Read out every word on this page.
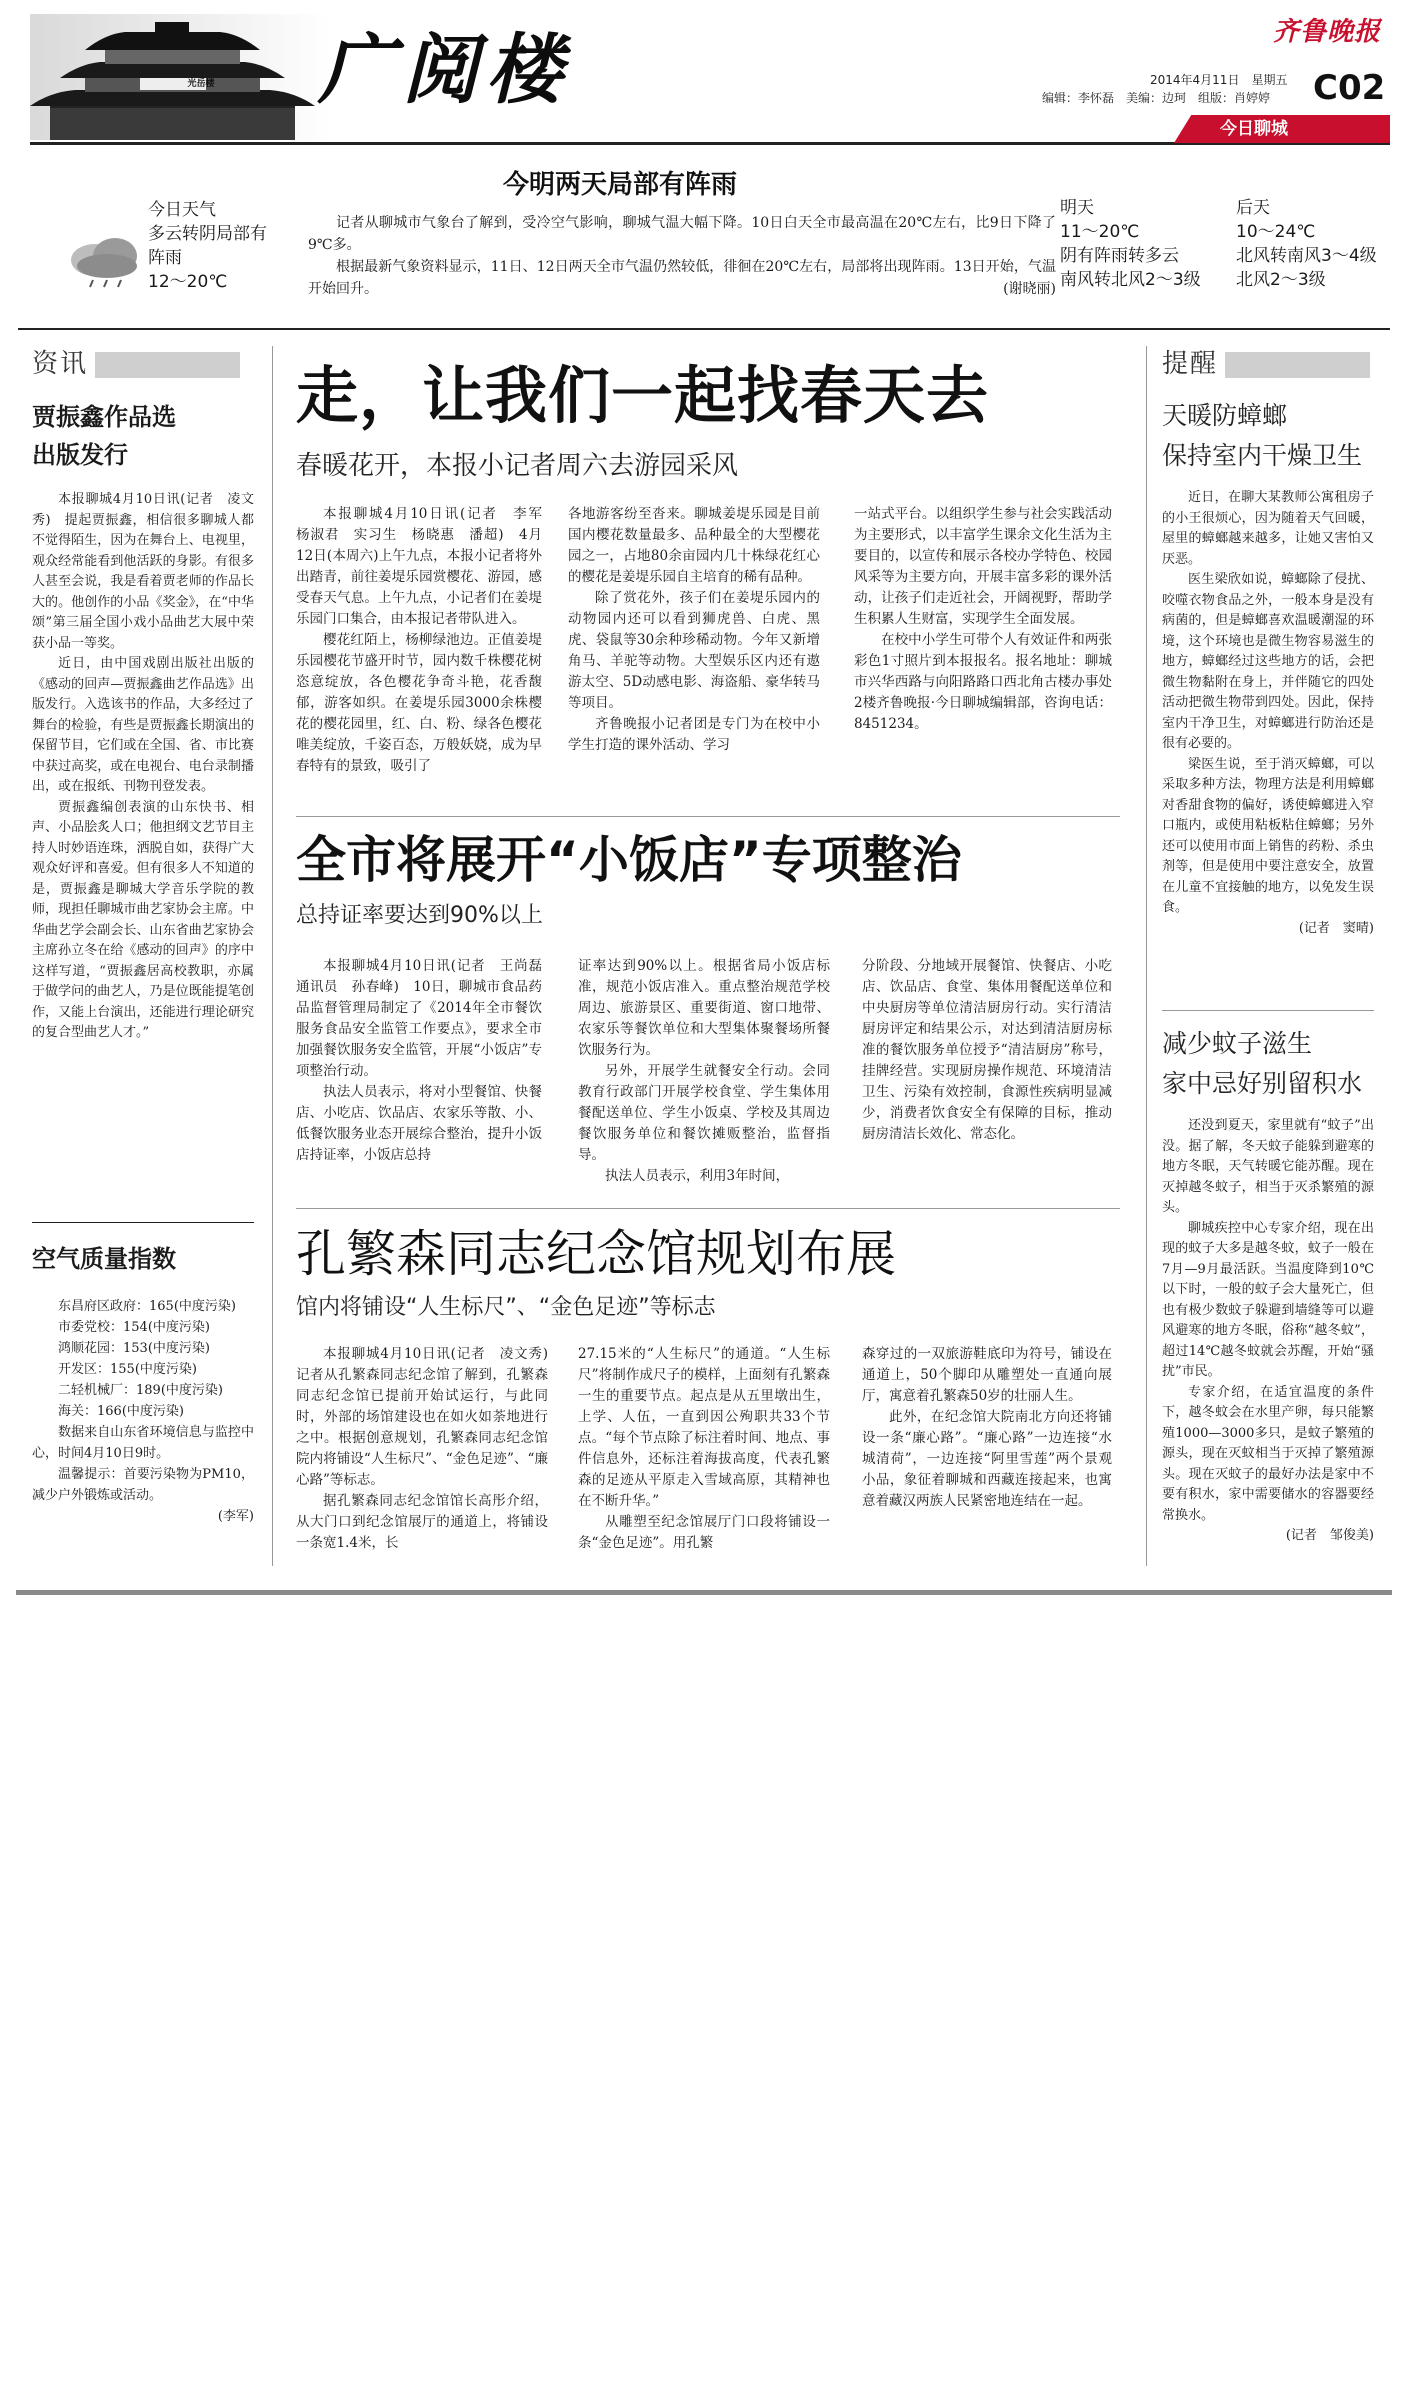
光岳楼 广阅楼	齐鲁晚报
2014年4月11日　星期五
编辑：李怀磊　美编：边珂　组版：肖婷婷 C02
今日聊城
今明两天局部有阵雨
今日天气
多云转阴局部有阵雨
12～20℃
记者从聊城市气象台了解到，受冷空气影响，聊城气温大幅下降。10日白天全市最高温在20℃左右，比9日下降了9℃多。
根据最新气象资料显示，11日、12日两天全市气温仍然较低，徘徊在20℃左右，局部将出现阵雨。13日开始，气温开始回升。	(谢晓丽)
明天
11～20℃
阴有阵雨转多云
南风转北风2～3级
后天
10～24℃
北风转南风3～4级
北风2～3级
资讯
贾振鑫作品选
出版发行

本报聊城4月10日讯(记者　凌文秀)　提起贾振鑫，相信很多聊城人都不觉得陌生，因为在舞台上、电视里，观众经常能看到他活跃的身影。有很多人甚至会说，我是看着贾老师的作品长大的。他创作的小品《奖金》，在“中华颂”第三届全国小戏小品曲艺大展中荣获小品一等奖。

近日，由中国戏剧出版社出版的《感动的回声—贾振鑫曲艺作品选》出版发行。入选该书的作品，大多经过了舞台的检验，有些是贾振鑫长期演出的保留节目，它们或在全国、省、市比赛中获过高奖，或在电视台、电台录制播出，或在报纸、刊物刊登发表。

贾振鑫编创表演的山东快书、相声、小品脍炙人口；他担纲文艺节目主持人时妙语连珠，洒脱自如，获得广大观众好评和喜爱。但有很多人不知道的是，贾振鑫是聊城大学音乐学院的教师，现担任聊城市曲艺家协会主席。中华曲艺学会副会长、山东省曲艺家协会主席孙立冬在给《感动的回声》的序中这样写道，“贾振鑫居高校教职，亦属于做学问的曲艺人，乃是位既能提笔创作，又能上台演出，还能进行理论研究的复合型曲艺人才。”

空气质量指数

东昌府区政府：165(中度污染)

市委党校：154(中度污染)

鸿顺花园：153(中度污染)

开发区：155(中度污染)

二轻机械厂：189(中度污染)

海关：166(中度污染)

数据来自山东省环境信息与监控中心，时间4月10日9时。

温馨提示：首要污染物为PM10，减少户外锻炼或活动。

(李军)

走，让我们一起找春天去
春暖花开，本报小记者周六去游园采风

本报聊城4月10日讯(记者　李军　杨淑君　实习生　杨晓惠　潘超)　4月12日(本周六)上午九点，本报小记者将外出踏青，前往姜堤乐园赏樱花、游园，感受春天气息。上午九点，小记者们在姜堤乐园门口集合，由本报记者带队进入。

樱花红陌上，杨柳绿池边。正值姜堤乐园樱花节盛开时节，园内数千株樱花树恣意绽放，各色樱花争奇斗艳，花香馥郁，游客如织。在姜堤乐园3000余株樱花的樱花园里，红、白、粉、绿各色樱花唯美绽放，千姿百态，万般妖娆，成为早春特有的景致，吸引了

各地游客纷至沓来。聊城姜堤乐园是目前国内樱花数量最多、品种最全的大型樱花园之一，占地80余亩园内几十株绿花红心的樱花是姜堤乐园自主培育的稀有品种。

除了赏花外，孩子们在姜堤乐园内的动物园内还可以看到狮虎兽、白虎、黑虎、袋鼠等30余种珍稀动物。今年又新增角马、羊驼等动物。大型娱乐区内还有遨游太空、5D动感电影、海盗船、豪华转马等项目。

齐鲁晚报小记者团是专门为在校中小学生打造的课外活动、学习

一站式平台。以组织学生参与社会实践活动为主要形式，以丰富学生课余文化生活为主要目的，以宣传和展示各校办学特色、校园风采等为主要方向，开展丰富多彩的课外活动，让孩子们走近社会，开阔视野，帮助学生积累人生财富，实现学生全面发展。

在校中小学生可带个人有效证件和两张彩色1寸照片到本报报名。报名地址：聊城市兴华西路与向阳路路口西北角古楼办事处2楼齐鲁晚报·今日聊城编辑部，咨询电话：8451234。

全市将展开“小饭店”专项整治
总持证率要达到90%以上

本报聊城4月10日讯(记者　王尚磊　通讯员　孙春峰)　10日，聊城市食品药品监督管理局制定了《2014年全市餐饮服务食品安全监管工作要点》，要求全市加强餐饮服务安全监管，开展“小饭店”专项整治行动。

执法人员表示，将对小型餐馆、快餐店、小吃店、饮品店、农家乐等散、小、低餐饮服务业态开展综合整治，提升小饭店持证率，小饭店总持

证率达到90%以上。根据省局小饭店标准，规范小饭店准入。重点整治规范学校周边、旅游景区、重要街道、窗口地带、农家乐等餐饮单位和大型集体聚餐场所餐饮服务行为。

另外，开展学生就餐安全行动。会同教育行政部门开展学校食堂、学生集体用餐配送单位、学生小饭桌、学校及其周边餐饮服务单位和餐饮摊贩整治，监督指导。

执法人员表示，利用3年时间，

分阶段、分地域开展餐馆、快餐店、小吃店、饮品店、食堂、集体用餐配送单位和中央厨房等单位清洁厨房行动。实行清洁厨房评定和结果公示，对达到清洁厨房标准的餐饮服务单位授予“清洁厨房”称号，挂牌经营。实现厨房操作规范、环境清洁卫生、污染有效控制，食源性疾病明显减少，消费者饮食安全有保障的目标，推动厨房清洁长效化、常态化。

孔繁森同志纪念馆规划布展
馆内将铺设“人生标尺”、“金色足迹”等标志

本报聊城4月10日讯(记者　凌文秀)　记者从孔繁森同志纪念馆了解到，孔繁森同志纪念馆已提前开始试运行，与此同时，外部的场馆建设也在如火如荼地进行之中。根据创意规划，孔繁森同志纪念馆院内将铺设“人生标尺”、“金色足迹”、“廉心路”等标志。

据孔繁森同志纪念馆馆长高彤介绍，从大门口到纪念馆展厅的通道上，将铺设一条宽1.4米，长

27.15米的“人生标尺”的通道。“人生标尺”将制作成尺子的模样，上面刻有孔繁森一生的重要节点。起点是从五里墩出生，上学、人伍，一直到因公殉职共33个节点。“每个节点除了标注着时间、地点、事件信息外，还标注着海拔高度，代表孔繁森的足迹从平原走入雪域高原，其精神也在不断升华。”

从雕塑至纪念馆展厅门口段将铺设一条“金色足迹”。用孔繁

森穿过的一双旅游鞋底印为符号，铺设在通道上，50个脚印从雕塑处一直通向展厅，寓意着孔繁森50岁的壮丽人生。

此外，在纪念馆大院南北方向还将铺设一条“廉心路”。“廉心路”一边连接“水城清荷”，一边连接“阿里雪莲”两个景观小品，象征着聊城和西藏连接起来，也寓意着藏汉两族人民紧密地连结在一起。

提醒
天暖防蟑螂
保持室内干燥卫生

近日，在聊大某教师公寓租房子的小王很烦心，因为随着天气回暖，屋里的蟑螂越来越多，让她又害怕又厌恶。

医生梁欣如说，蟑螂除了侵扰、咬噬衣物食品之外，一般本身是没有病菌的，但是蟑螂喜欢温暖潮湿的环境，这个环境也是微生物容易滋生的地方，蟑螂经过这些地方的话，会把微生物黏附在身上，并伴随它的四处活动把微生物带到四处。因此，保持室内干净卫生，对蟑螂进行防治还是很有必要的。

梁医生说，至于消灭蟑螂，可以采取多种方法，物理方法是利用蟑螂对香甜食物的偏好，诱使蟑螂进入窄口瓶内，或使用粘板粘住蟑螂；另外还可以使用市面上销售的药粉、杀虫剂等，但是使用中要注意安全，放置在儿童不宜接触的地方，以免发生误食。

(记者　窦晴)

减少蚊子滋生
家中忌好别留积水

还没到夏天，家里就有“蚊子”出没。据了解，冬天蚊子能躲到避寒的地方冬眠，天气转暖它能苏醒。现在灭掉越冬蚊子，相当于灭杀繁殖的源头。

聊城疾控中心专家介绍，现在出现的蚊子大多是越冬蚊，蚊子一般在7月—9月最活跃。当温度降到10℃以下时，一般的蚊子会大量死亡，但也有极少数蚊子躲避到墙缝等可以避风避寒的地方冬眠，俗称“越冬蚊”，超过14℃越冬蚊就会苏醒，开始“骚扰”市民。

专家介绍，在适宜温度的条件下，越冬蚊会在水里产卵，每只能繁殖1000—3000多只，是蚊子繁殖的源头，现在灭蚊相当于灭掉了繁殖源头。现在灭蚊子的最好办法是家中不要有积水，家中需要储水的容器要经常换水。

(记者　邹俊美)
